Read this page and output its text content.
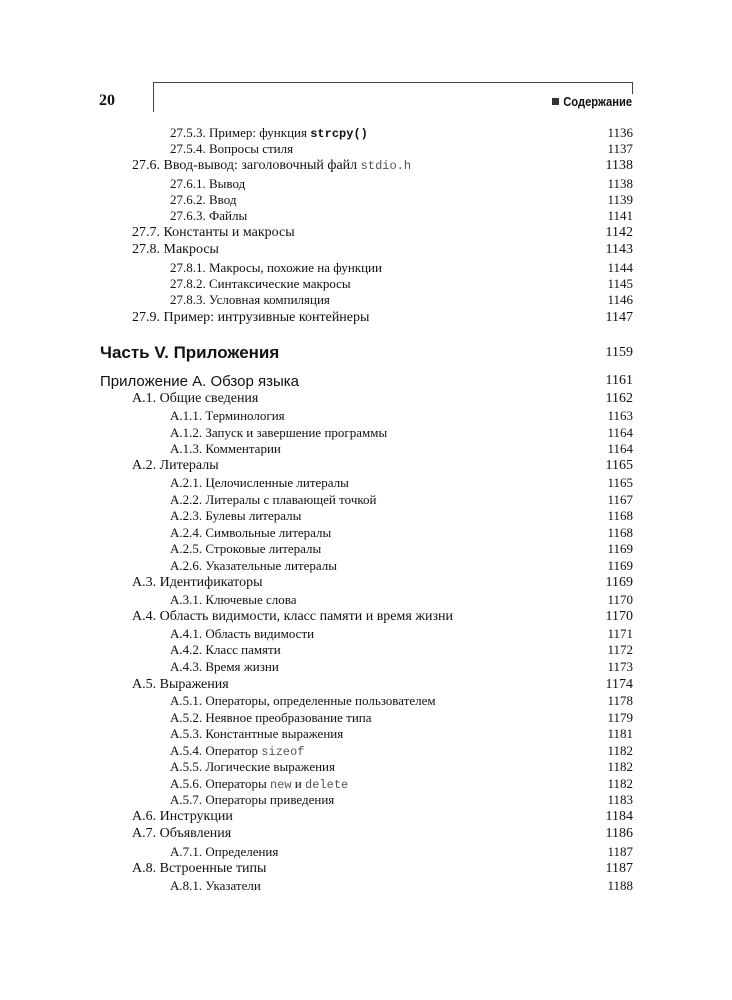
20	Содержание
27.5.3. Пример: функция strcpy()	1136
27.5.4. Вопросы стиля	1137
27.6. Ввод-вывод: заголовочный файл stdio.h	1138
27.6.1. Вывод	1138
27.6.2. Ввод	1139
27.6.3. Файлы	1141
27.7. Константы и макросы	1142
27.8. Макросы	1143
27.8.1. Макросы, похожие на функции	1144
27.8.2. Синтаксические макросы	1145
27.8.3. Условная компиляция	1146
27.9. Пример: интрузивные контейнеры	1147
Часть V. Приложения	1159
Приложение А. Обзор языка	1161
А.1. Общие сведения	1162
А.1.1. Терминология	1163
А.1.2. Запуск и завершение программы	1164
А.1.3. Комментарии	1164
А.2. Литералы	1165
А.2.1. Целочисленные литералы	1165
А.2.2. Литералы с плавающей точкой	1167
А.2.3. Булевы литералы	1168
А.2.4. Символьные литералы	1168
А.2.5. Строковые литералы	1169
А.2.6. Указательные литералы	1169
А.3. Идентификаторы	1169
А.3.1. Ключевые слова	1170
А.4. Область видимости, класс памяти и время жизни	1170
А.4.1. Область видимости	1171
А.4.2. Класс памяти	1172
А.4.3. Время жизни	1173
А.5. Выражения	1174
А.5.1. Операторы, определенные пользователем	1178
А.5.2. Неявное преобразование типа	1179
А.5.3. Константные выражения	1181
А.5.4. Оператор sizeof	1182
А.5.5. Логические выражения	1182
А.5.6. Операторы new и delete	1182
А.5.7. Операторы приведения	1183
А.6. Инструкции	1184
А.7. Объявления	1186
А.7.1. Определения	1187
А.8. Встроенные типы	1187
А.8.1. Указатели	1188
